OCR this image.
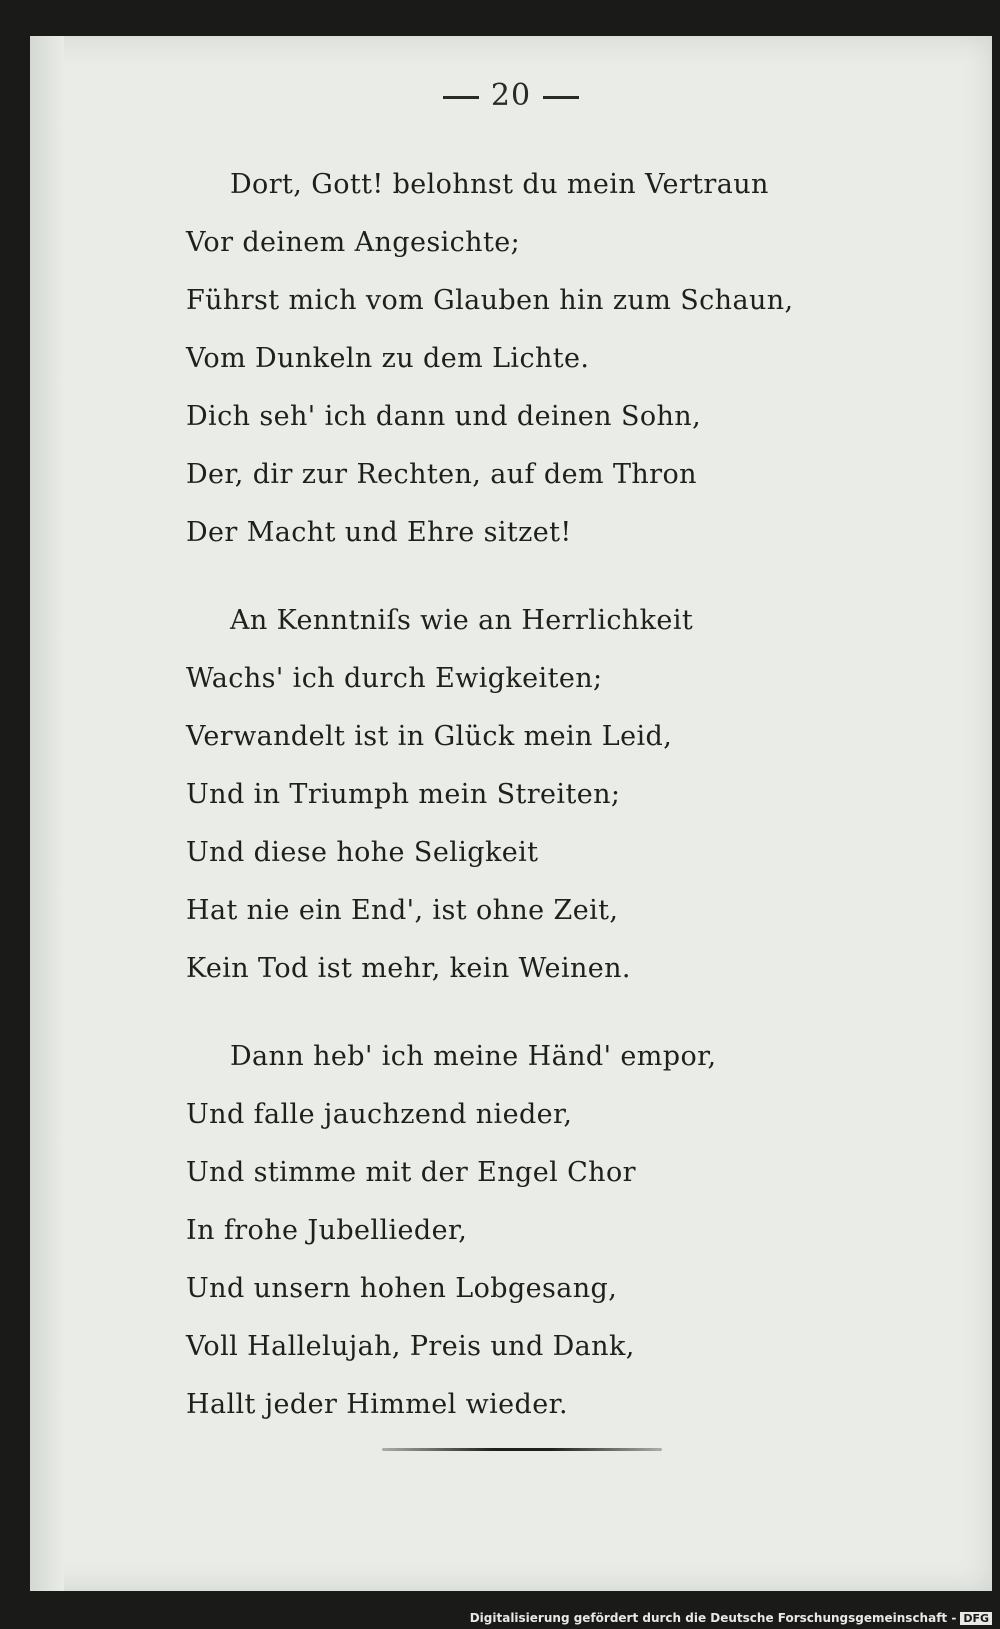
20
Dort, Gott! belohnst du mein Vertraun
Vor deinem Angesichte;
Führst mich vom Glauben hin zum Schaun,
Vom Dunkeln zu dem Lichte.
Dich seh' ich dann und deinen Sohn,
Der, dir zur Rechten, auf dem Thron
Der Macht und Ehre sitzet!
An Kenntniſs wie an Herrlichkeit
Wachs' ich durch Ewigkeiten;
Verwandelt ist in Glück mein Leid,
Und in Triumph mein Streiten;
Und diese hohe Seligkeit
Hat nie ein End', ist ohne Zeit,
Kein Tod ist mehr, kein Weinen.
Dann heb' ich meine Händ' empor,
Und falle jauchzend nieder,
Und stimme mit der Engel Chor
In frohe Jubellieder,
Und unsern hohen Lobgesang,
Voll Hallelujah, Preis und Dank,
Hallt jeder Himmel wieder.
Digitalisierung gefördert durch die Deutsche Forschungsgemeinschaft - DFG
